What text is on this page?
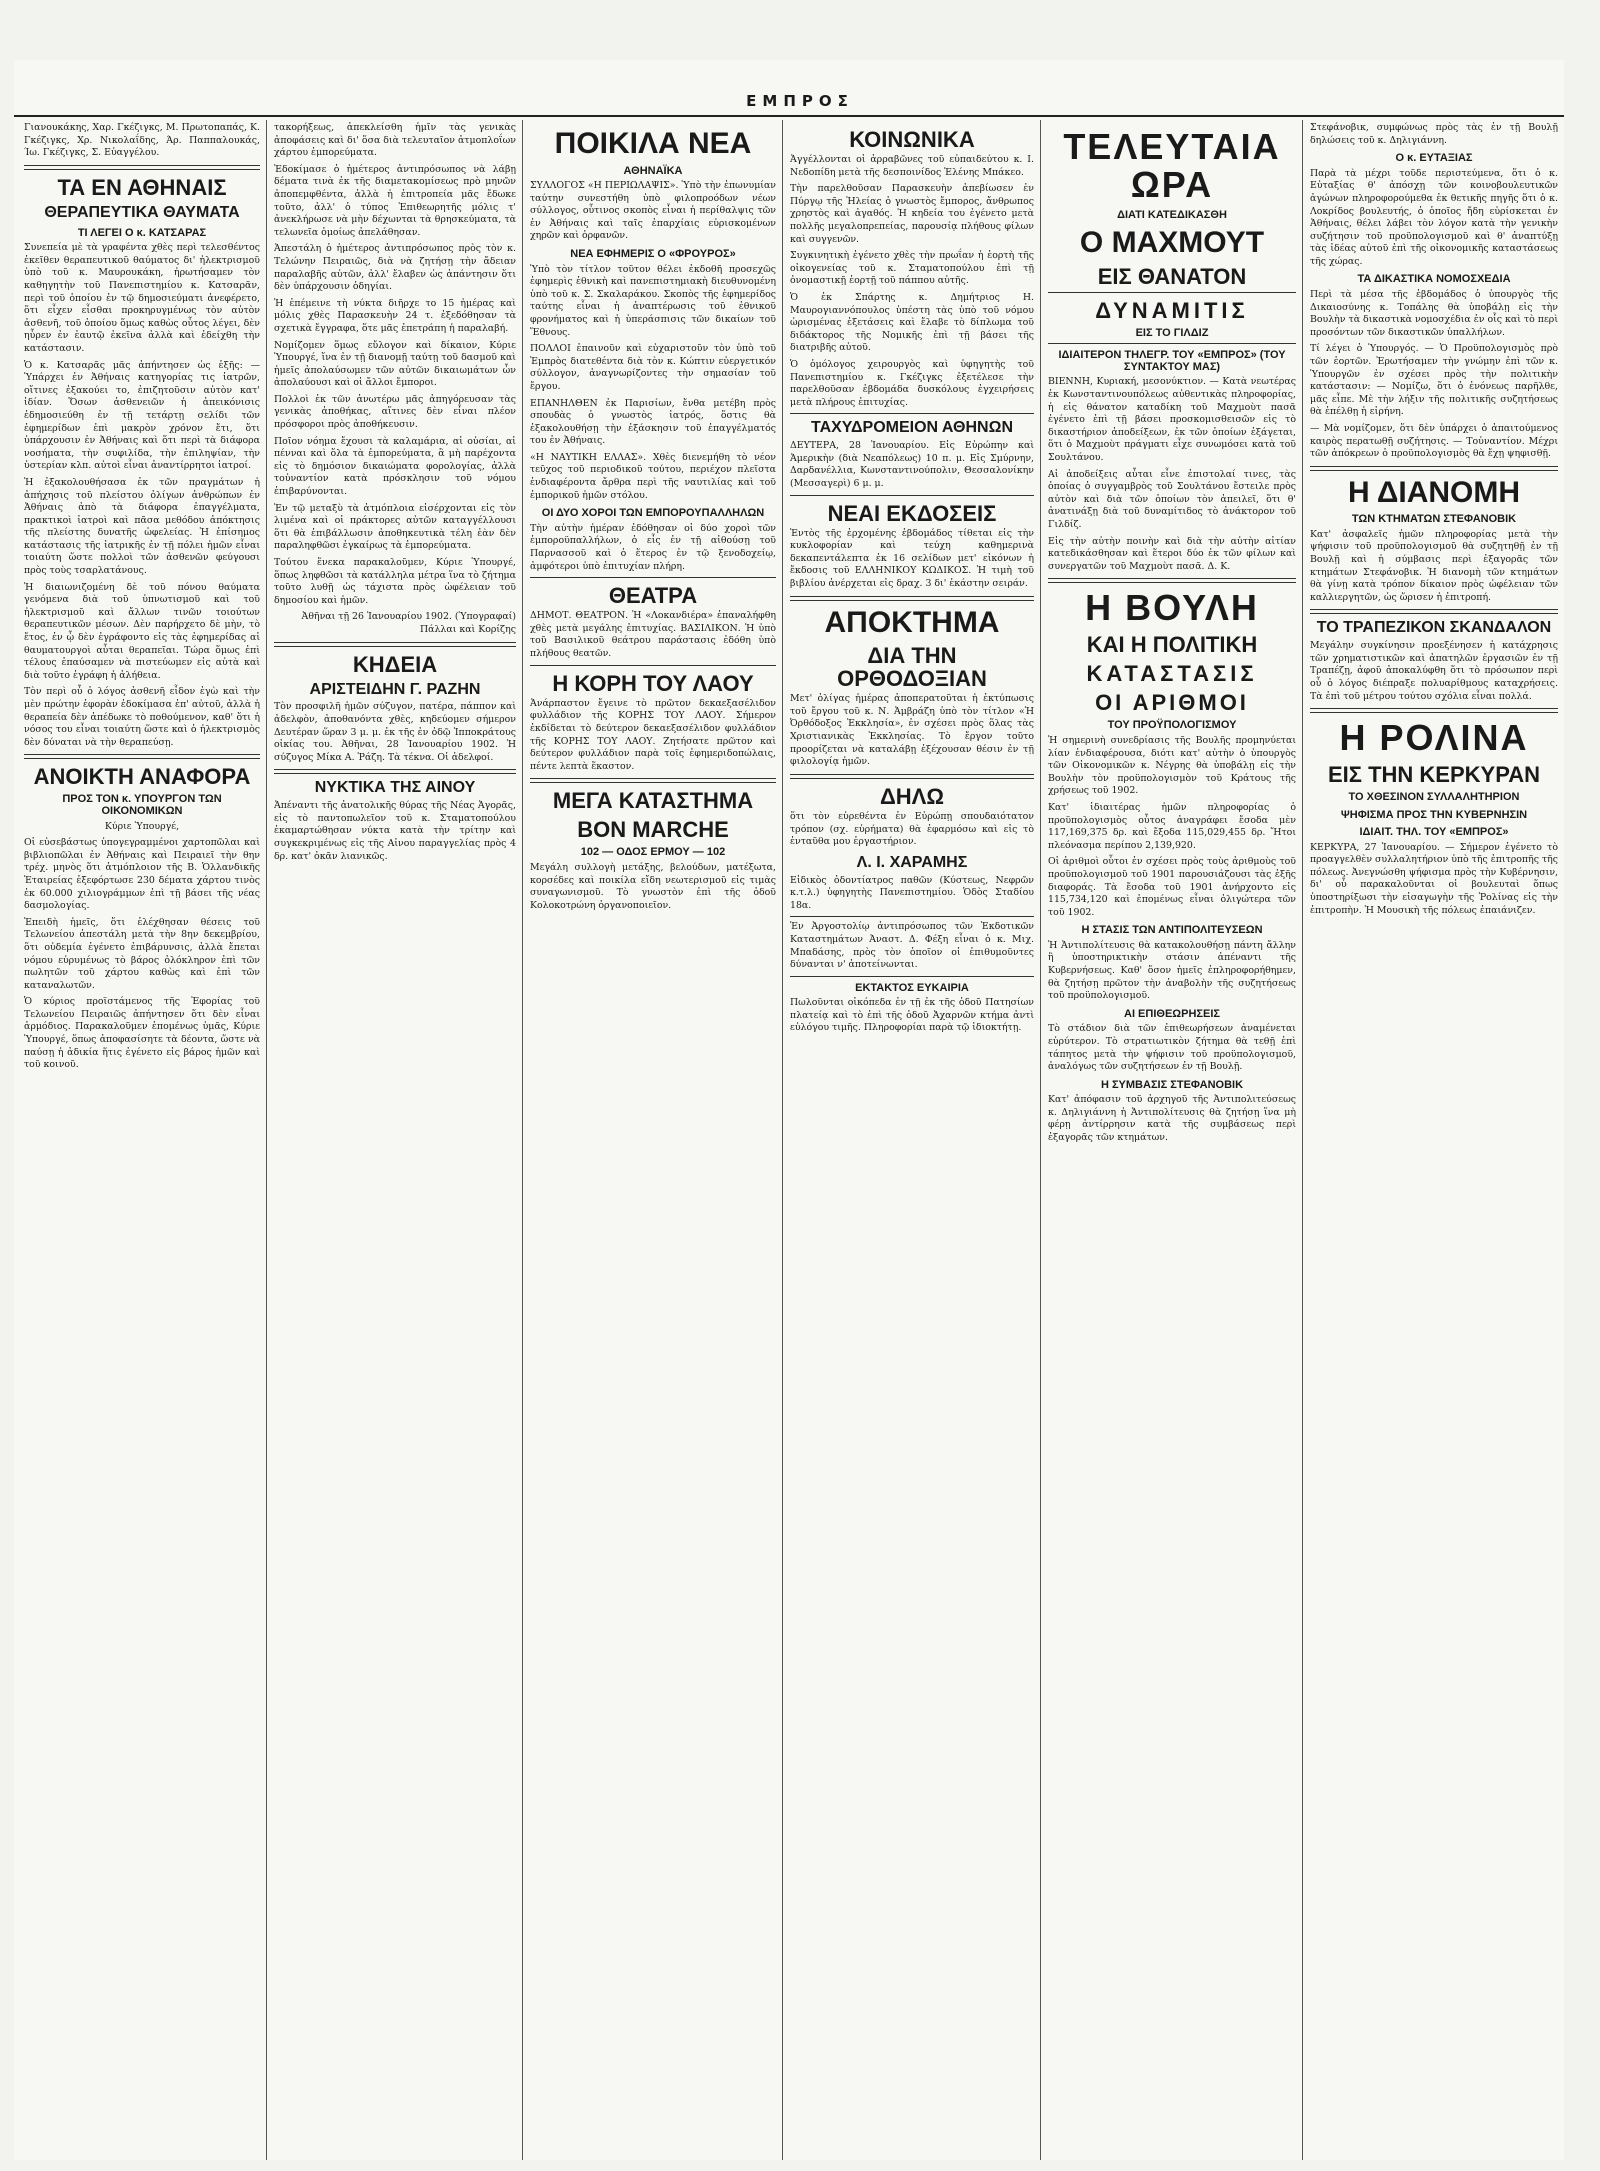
ΕΜΠΡΟΣ

Γιανουκάκης, Χαρ. Γκέζιγκς, Μ. Πρωτοπαπάς, Κ. Γκέζιγκς, Χρ. Νικολαΐδης, Άρ. Παππαλουκάς, Ίω. Γκέζιγκς, Σ. Εὐαγγέλου.

ΤΑ ΕΝ ΑΘΗΝΑΙΣ
ΘΕΡΑΠΕΥΤΙΚΑ ΘΑΥΜΑΤΑ
ΤΙ ΛΕΓΕΙ Ο κ. ΚΑΤΣΑΡΑΣ

Συνεπεία μὲ τὰ γραφέντα χθὲς περὶ τελεσθέντος ἐκεῖθεν θεραπευτικοῦ θαύματος δι' ἠλεκτρισμοῦ ὑπὸ τοῦ κ. Μαυρουκάκη, ἠρωτήσαμεν τὸν καθηγητὴν τοῦ Πανεπιστημίου κ. Κατσαρᾶν, περὶ τοῦ ὁποίου ἐν τῷ δημοσιεύματι ἀνεφέρετο, ὅτι εἶχεν εἶσθαι προκηρυγμένως τὸν αὐτὸν ἀσθενῆ, τοῦ ὁποίου ὅμως καθὼς οὗτος λέγει, δὲν ηὗρεν ἐν ἑαυτῷ ἐκεῖνα ἀλλὰ καὶ ἐδείχθη τὴν κατάστασιν.

Ὁ κ. Κατσαρᾶς μᾶς ἀπήντησεν ὡς ἑξῆς: — Ὑπάρχει ἐν Ἀθήναις κατηγορίας τις ἰατρῶν, οἵτινες ἐξακούει το, ἐπιζητοῦσιν αὐτὸν κατ' ἰδίαν. Ὅσων ἀσθενειῶν ἡ ἀπεικόνισις ἐδημοσιεύθη ἐν τῇ τετάρτῃ σελίδι τῶν ἐφημερίδων ἐπὶ μακρὸν χρόνον ἔτι, ὅτι ὑπάρχουσιν ἐν Ἀθήναις καὶ ὅτι περὶ τὰ διάφορα νοσήματα, τὴν συφιλίδα, τὴν ἐπιληψίαν, τὴν ὑστερίαν κλπ. αὐτοὶ εἶναι ἀναντίρρητοι ἰατροί.

Ἡ ἐξακολουθήσασα ἐκ τῶν πραγμάτων ἡ ἀπήχησις τοῦ πλείστου ὀλίγων ἀνθρώπων ἐν Ἀθήναις ἀπὸ τὰ διάφορα ἐπαγγέλματα, πρακτικοὶ ἰατροὶ καὶ πᾶσα μεθόδου ἀπόκτησις τῆς πλείστης δυνατῆς ὠφελείας. Ἡ ἐπίσημος κατάστασις τῆς ἰατρικῆς ἐν τῇ πόλει ἡμῶν εἶναι τοιαύτη ὥστε πολλοὶ τῶν ἀσθενῶν φεύγουσι πρὸς τοὺς τσαρλατάνους.

Ἡ διαιωνιζομένη δὲ τοῦ πόνου θαύματα γενόμενα διὰ τοῦ ὑπνωτισμοῦ καὶ τοῦ ἠλεκτρισμοῦ καὶ ἄλλων τινῶν τοιούτων θεραπευτικῶν μέσων. Δὲν παρήρχετο δὲ μὴν, τὸ ἔτος, ἐν ᾧ δὲν ἐγράφοντο εἰς τὰς ἐφημερίδας αἱ θαυματουργοὶ αὗται θεραπεῖαι. Τώρα ὅμως ἐπὶ τέλους ἐπαύσαμεν νὰ πιστεύωμεν εἰς αὐτὰ καὶ διὰ τοῦτο ἐγράφη ἡ ἀλήθεια.

Τὸν περὶ οὗ ὁ λόγος ἀσθενῆ εἶδον ἐγὼ καὶ τὴν μὲν πρώτην ἐφορὰν ἐδοκίμασα ἐπ' αὐτοῦ, ἀλλὰ ἡ θεραπεία δὲν ἀπέδωκε τὸ ποθούμενον, καθ' ὅτι ἡ νόσος του εἶναι τοιαύτη ὥστε καὶ ὁ ἠλεκτρισμὸς δὲν δύναται νὰ τὴν θεραπεύσῃ.

ΑΝΟΙΚΤΗ ΑΝΑΦΟΡΑ
ΠΡΟΣ ΤΟΝ κ. ΥΠΟΥΡΓΟΝ ΤΩΝ ΟΙΚΟΝΟΜΙΚΩΝ

Κύριε Ὑπουργέ,

Οἱ εὐσεβάστως ὑπογεγραμμένοι χαρτοπῶλαι καὶ βιβλιοπῶλαι ἐν Ἀθήναις καὶ Πειραιεῖ τὴν θην τρέχ. μηνὸς ὅτι ἀτμόπλοιον τῆς Β. Ὁλλανδικῆς Ἑταιρείας ἐξεφόρτωσε 230 δέματα χάρτου τινὸς ἐκ 60.000 χιλιογράμμων ἐπὶ τῇ βάσει τῆς νέας δασμολογίας.

Ἐπειδὴ ἡμεῖς, ὅτι ἐλέχθησαν θέσεις τοῦ Τελωνείου ἀπεστάλη μετὰ τὴν 8ην δεκεμβρίου, ὅτι οὐδεμία ἐγένετο ἐπιβάρυνσις, ἀλλὰ ἔπεται νόμου εὐρυμένως τὸ βάρος ὁλόκληρον ἐπὶ τῶν πωλητῶν τοῦ χάρτου καθὼς καὶ ἐπὶ τῶν καταναλωτῶν.

Ὁ κύριος προϊστάμενος τῆς Ἐφορίας τοῦ Τελωνείου Πειραιῶς ἀπήντησεν ὅτι δὲν εἶναι ἁρμόδιος. Παρακαλοῦμεν ἑπομένως ὑμᾶς, Κύριε Ὑπουργέ, ὅπως ἀποφασίσητε τὰ δέοντα, ὥστε νὰ παύσῃ ἡ ἀδικία ἥτις ἐγένετο εἰς βάρος ἡμῶν καὶ τοῦ κοινοῦ.

τακορήξεως, ἀπεκλείσθη ἡμῖν τὰς γενικὰς ἀποφάσεις καὶ δι' ὅσα διὰ τελευταῖον ἀτμοπλοΐων χάρτου ἐμπορεύματα.

Ἐδοκίμασε ὁ ἡμέτερος ἀντιπρόσωπος νὰ λάβῃ δέματα τινὰ ἐκ τῆς διαμετακομίσεως πρὸ μηνῶν ἀποπεμφθέντα, ἀλλὰ ἡ ἐπιτροπεία μᾶς ἔδωκε τοῦτο, ἀλλ' ὁ τύπος Ἐπιθεωρητῆς μόλις τ' ἀνεκλήρωσε νὰ μὴν δέχωνται τὰ θρησκεύματα, τὰ τελωνεῖα ὁμοίως ἀπελάθησαν.

Ἀπεστάλη ὁ ἡμέτερος ἀντιπρόσωπος πρὸς τὸν κ. Τελώνην Πειραιῶς, διὰ νὰ ζητήσῃ τὴν ἄδειαν παραλαβῆς αὐτῶν, ἀλλ' ἔλαβεν ὡς ἀπάντησιν ὅτι δὲν ὑπάρχουσιν ὁδηγίαι.

Ἡ ἐπέμεινε τὴ νύκτα διῆρχε το 15 ἡμέρας καὶ μόλις χθὲς Παρασκευὴν 24 τ. ἐξεδόθησαν τὰ σχετικὰ ἔγγραφα, ὅτε μᾶς ἐπετράπη ἡ παραλαβή.

Νομίζομεν ὅμως εὔλογον καὶ δίκαιον, Κύριε Ὑπουργέ, ἵνα ἐν τῇ διανομῇ ταύτῃ τοῦ δασμοῦ καὶ ἡμεῖς ἀπολαύσωμεν τῶν αὐτῶν δικαιωμάτων ὧν ἀπολαύουσι καὶ οἱ ἄλλοι ἔμποροι.

Πολλοὶ ἐκ τῶν ἀνωτέρω μᾶς ἀπηγόρευσαν τὰς γενικὰς ἀποθήκας, αἵτινες δὲν εἶναι πλέον πρόσφοροι πρὸς ἀποθήκευσιν.

Ποῖον νόημα ἔχουσι τὰ καλαμάρια, αἱ οὐσίαι, αἱ πένναι καὶ ὅλα τὰ ἐμπορεύματα, ἃ μὴ παρέχοντα εἰς τὸ δημόσιον δικαιώματα φορολογίας, ἀλλὰ τοὐναντίον κατὰ πρόσκλησιν τοῦ νόμου ἐπιβαρύνονται.

Ἐν τῷ μεταξὺ τὰ ἀτμόπλοια εἰσέρχονται εἰς τὸν λιμένα καὶ οἱ πράκτορες αὐτῶν καταγγέλλουσι ὅτι θὰ ἐπιβάλλωσιν ἀποθηκευτικὰ τέλη ἐὰν δὲν παραληφθῶσι ἐγκαίρως τὰ ἐμπορεύματα.

Τούτου ἕνεκα παρακαλοῦμεν, Κύριε Ὑπουργέ, ὅπως ληφθῶσι τὰ κατάλληλα μέτρα ἵνα τὸ ζήτημα τοῦτο λυθῇ ὡς τάχιστα πρὸς ὠφέλειαν τοῦ δημοσίου καὶ ἡμῶν.

Ἀθῆναι τῇ 26 Ἰανουαρίου 1902. (Ὑπογραφαί) Πάλλαι καὶ Κορίζης

ΚΗΔΕΙΑ
ΑΡΙΣΤΕΙΔΗΝ Γ. ΡΑΖΗΝ

Τὸν προσφιλῆ ἡμῶν σύζυγον, πατέρα, πάππον καὶ ἀδελφὸν, ἀποθανόντα χθὲς, κηδεύομεν σήμερον Δευτέραν ὥραν 3 μ. μ. ἐκ τῆς ἐν ὁδῷ Ἱπποκράτους οἰκίας του. Ἀθῆναι, 28 Ἰανουαρίου 1902. Ἡ σύζυγος Μίκα Α. Ῥάζη. Τὰ τέκνα. Οἱ ἀδελφοί.

ΝΥΚΤΙΚΑ ΤΗΣ ΑΙΝΟΥ

Ἀπέναντι τῆς ἀνατολικῆς θύρας τῆς Νέας Ἀγορᾶς, εἰς τὸ παντοπωλεῖον τοῦ κ. Σταματοπούλου ἐκαμαρτώθησαν νύκτα κατὰ τὴν τρίτην καὶ συγκεκριμένως εἰς τῆς Αἰνου παραγγελίας πρὸς 4 δρ. κατ' ὀκᾶν λιανικῶς.

ΠΟΙΚΙΛΑ ΝΕΑ
ΑΘΗΝΑΪΚΑ

ΣΥΛΛΟΓΟΣ «Η ΠΕΡΙΩΛΑΨΙΣ». Ὑπὸ τὴν ἐπωνυμίαν ταύτην συνεστήθη ὑπὸ φιλοπροόδων νέων σύλλογος, οὗτινος σκοπὸς εἶναι ἡ περίθαλψις τῶν ἐν Ἀθήναις καὶ ταῖς ἐπαρχίαις εὑρισκομένων χηρῶν καὶ ὀρφανῶν.

ΝΕΑ ΕΦΗΜΕΡΙΣ Ο «ΦΡΟΥΡΟΣ»

Ὑπὸ τὸν τίτλον τοῦτον θέλει ἐκδοθῆ προσεχῶς ἐφημερὶς ἐθνικὴ καὶ πανεπιστημιακὴ διευθυνομένη ὑπὸ τοῦ κ. Σ. Σκαλαράκου. Σκοπὸς τῆς ἐφημερίδος ταύτης εἶναι ἡ ἀναπτέρωσις τοῦ ἐθνικοῦ φρονήματος καὶ ἡ ὑπεράσπισις τῶν δικαίων τοῦ Ἔθνους.

ΠΟΛΛΟΙ ἐπαινοῦν καὶ εὐχαριστοῦν τὸν ὑπὸ τοῦ Ἐμπρὸς διατεθέντα διὰ τὸν κ. Κώπτιν εὐεργετικόν σύλλογον, ἀναγνωρίζοντες τὴν σημασίαν τοῦ ἔργου.

ΕΠΑΝΗΛΘΕΝ ἐκ Παρισίων, ἔνθα μετέβη πρὸς σπουδὰς ὁ γνωστὸς ἰατρός, ὅστις θὰ ἐξακολουθήσῃ τὴν ἐξάσκησιν τοῦ ἐπαγγέλματός του ἐν Ἀθήναις.

«Η ΝΑΥΤΙΚΗ ΕΛΛΑΣ». Χθὲς διενεμήθη τὸ νέον τεῦχος τοῦ περιοδικοῦ τούτου, περιέχον πλεῖστα ἐνδιαφέροντα ἄρθρα περὶ τῆς ναυτιλίας καὶ τοῦ ἐμπορικοῦ ἡμῶν στόλου.

ΟΙ ΔΥΟ ΧΟΡΟΙ ΤΩΝ ΕΜΠΟΡΟΥΠΑΛΛΗΛΩΝ

Τὴν αὐτὴν ἡμέραν ἐδόθησαν οἱ δύο χοροὶ τῶν ἐμποροϋπαλλήλων, ὁ εἷς ἐν τῇ αἰθούσῃ τοῦ Παρνασσοῦ καὶ ὁ ἕτερος ἐν τῷ ξενοδοχείῳ, ἀμφότεροι ὑπὸ ἐπιτυχίαν πλήρη.

ΘΕΑΤΡΑ

ΔΗΜΟΤ. ΘΕΑΤΡΟΝ. Ἡ «Λοκανδιέρα» ἐπαναλήφθη χθὲς μετὰ μεγάλης ἐπιτυχίας. ΒΑΣΙΛΙΚΟΝ. Ἡ ὑπὸ τοῦ Βασιλικοῦ θεάτρου παράστασις ἐδόθη ὑπὸ πλήθους θεατῶν.

Η ΚΟΡΗ ΤΟΥ ΛΑΟΥ

Ἀνάρπαστον ἔγεινε τὸ πρῶτον δεκαεξασέλιδον φυλλάδιον τῆς ΚΟΡΗΣ ΤΟΥ ΛΑΟΥ. Σήμερον ἐκδίδεται τὸ δεύτερον δεκαεξασέλιδον φυλλάδιον τῆς ΚΟΡΗΣ ΤΟΥ ΛΑΟΥ. Ζητήσατε πρῶτον καὶ δεύτερον φυλλάδιον παρὰ τοῖς ἐφημεριδοπώλαις, πέντε λεπτὰ ἕκαστον.

ΜΕΓΑ ΚΑΤΑΣΤΗΜΑ
BON MARCHE
102 — ΟΔΟΣ ΕΡΜΟΥ — 102

Μεγάλη συλλογὴ μετάξης, βελούδων, ματέξωτα, κορσέδες καὶ ποικίλα εἴδη νεωτερισμοῦ εἰς τιμὰς συναγωνισμοῦ. Τὸ γνωστὸν ἐπὶ τῆς ὁδοῦ Κολοκοτρώνη ὀργανοποιεῖον.

ΚΟΙΝΩΝΙΚΑ

Ἀγγέλλονται οἱ ἀρραβῶνες τοῦ εὐπαιδεύτου κ. Ι. Νεδοπίδη μετὰ τῆς δεσποινίδος Ἑλένης Μπάκεο.

Τὴν παρελθοῦσαν Παρασκευὴν ἀπεβίωσεν ἐν Πύργῳ τῆς Ἠλείας ὁ γνωστὸς ἔμπορος, ἄνθρωπος χρηστὸς καὶ ἀγαθός. Ἡ κηδεία του ἐγένετο μετὰ πολλῆς μεγαλοπρεπείας, παρουσίᾳ πλήθους φίλων καὶ συγγενῶν.

Συγκινητικὴ ἐγένετο χθὲς τὴν πρωΐαν ἡ ἑορτὴ τῆς οἰκογενείας τοῦ κ. Σταματοπούλου ἐπὶ τῇ ὀνομαστικῇ ἑορτῇ τοῦ πάππου αὐτῆς.

Ὁ ἐκ Σπάρτης κ. Δημήτριος Η. Μαυρογιαννόπουλος ὑπέστη τὰς ὑπὸ τοῦ νόμου ὡρισμένας ἐξετάσεις καὶ ἔλαβε τὸ δίπλωμα τοῦ διδάκτορος τῆς Νομικῆς ἐπὶ τῇ βάσει τῆς διατριβῆς αὐτοῦ.

Ὁ ὁμόλογος χειρουργὸς καὶ ὑφηγητὴς τοῦ Πανεπιστημίου κ. Γκέζιγκς ἐξετέλεσε τὴν παρελθοῦσαν ἑβδομάδα δυσκόλους ἐγχειρήσεις μετὰ πλήρους ἐπιτυχίας.

ΤΑΧΥΔΡΟΜΕΙΟΝ ΑΘΗΝΩΝ

ΔΕΥΤΕΡΑ, 28 Ἰανουαρίου. Εἰς Εὐρώπην καὶ Ἀμερικὴν (διὰ Νεαπόλεως) 10 π. μ. Εἰς Σμύρνην, Δαρδανέλλια, Κωνσταντινούπολιν, Θεσσαλονίκην (Μεσσαγερὶ) 6 μ. μ.

ΝΕΑΙ ΕΚΔΟΣΕΙΣ

Ἐντὸς τῆς ἐρχομένης ἑβδομάδος τίθεται εἰς τὴν κυκλοφορίαν καὶ τεύχη καθημερινὰ δεκαπεντάλεπτα ἐκ 16 σελίδων μετ' εἰκόνων ἡ ἔκδοσις τοῦ ΕΛΛΗΝΙΚΟΥ ΚΩΔΙΚΟΣ. Ἡ τιμὴ τοῦ βιβλίου ἀνέρχεται εἰς δραχ. 3 δι' ἑκάστην σειράν.

ΑΠΟΚΤΗΜΑ
ΔΙΑ ΤΗΝ ΟΡΘΟΔΟΞΙΑΝ

Μετ' ὀλίγας ἡμέρας ἀποπερατοῦται ἡ ἐκτύπωσις τοῦ ἔργου τοῦ κ. Ν. Ἀμβράζη ὑπὸ τὸν τίτλον «Ἡ Ὀρθόδοξος Ἐκκλησία», ἐν σχέσει πρὸς ὅλας τὰς Χριστιανικὰς Ἐκκλησίας. Τὸ ἔργον τοῦτο προορίζεται νὰ καταλάβῃ ἐξέχουσαν θέσιν ἐν τῇ φιλολογίᾳ ἡμῶν.

ΔΗΛΩ

ὅτι τὸν εὑρεθέντα ἐν Εὐρώπῃ σπουδαιότατον τρόπον (σχ. εὑρήματα) θὰ ἐφαρμόσω καὶ εἰς τὸ ἐνταῦθα μου ἐργαστήριον.

Λ. Ι. ΧΑΡΑΜΗΣ

Εἰδικὸς ὀδοντίατρος παθῶν (Κύστεως, Νεφρῶν κ.τ.λ.) ὑφηγητὴς Πανεπιστημίου. Ὁδὸς Σταδίου 18α.

Ἐν Ἀργοστολίῳ ἀντιπρόσωπος τῶν Ἐκδοτικῶν Καταστημάτων Ἀναστ. Δ. Φέξη εἶναι ὁ κ. Μιχ. Μπαδάσης, πρὸς τὸν ὁποῖον οἱ ἐπιθυμοῦντες δύνανται ν' ἀποτείνωνται.

ΕΚΤΑΚΤΟΣ ΕΥΚΑΙΡΙΑ

Πωλοῦνται οἰκόπεδα ἐν τῇ ἐκ τῆς ὁδοῦ Πατησίων πλατείᾳ καὶ τὸ ἐπὶ τῆς ὁδοῦ Ἀχαρνῶν κτήμα ἀντὶ εὐλόγου τιμῆς. Πληροφορίαι παρὰ τῷ ἰδιοκτήτῃ.

ΤΕΛΕΥΤΑΙΑ ΩΡΑ
ΔΙΑΤΙ ΚΑΤΕΔΙΚΑΣΘΗ
Ο ΜΑΧΜΟΥΤ
ΕΙΣ ΘΑΝΑΤΟΝ
ΔΥΝΑΜΙΤΙΣ
ΕΙΣ ΤΟ ΓΙΛΔΙΖ
ΙΔΙΑΙΤΕΡΟΝ ΤΗΛΕΓΡ. ΤΟΥ «ΕΜΠΡΟΣ» (ΤΟΥ ΣΥΝΤΑΚΤΟΥ ΜΑΣ)

ΒΙΕΝΝΗ, Κυριακή, μεσονύκτιον. — Κατὰ νεωτέρας ἐκ Κωνσταντινουπόλεως αὐθεντικὰς πληροφορίας, ἡ εἰς θάνατον καταδίκη τοῦ Μαχμοὺτ πασᾶ ἐγένετο ἐπὶ τῇ βάσει προσκομισθεισῶν εἰς τὸ δικαστήριον ἀποδείξεων, ἐκ τῶν ὁποίων ἐξάγεται, ὅτι ὁ Μαχμοὺτ πράγματι εἶχε συνωμόσει κατὰ τοῦ Σουλτάνου.

Αἱ ἀποδείξεις αὗται εἶνε ἐπιστολαί τινες, τὰς ὁποίας ὁ συγγαμβρὸς τοῦ Σουλτάνου ἔστειλε πρὸς αὐτὸν καὶ διὰ τῶν ὁποίων τὸν ἀπειλεῖ, ὅτι θ' ἀνατινάξῃ διὰ τοῦ δυναμίτιδος τὸ ἀνάκτορον τοῦ Γιλδίζ.

Εἰς τὴν αὐτὴν ποινὴν καὶ διὰ τὴν αὐτὴν αἰτίαν κατεδικάσθησαν καὶ ἕτεροι δύο ἐκ τῶν φίλων καὶ συνεργατῶν τοῦ Μαχμοὺτ πασᾶ. Δ. Κ.

Η ΒΟΥΛΗ
ΚΑΙ Η ΠΟΛΙΤΙΚΗ
ΚΑΤΑΣΤΑΣΙΣ
ΟΙ ΑΡΙΘΜΟΙ
ΤΟΥ ΠΡΟΫΠΟΛΟΓΙΣΜΟΥ

Ἡ σημερινὴ συνεδρίασις τῆς Βουλῆς προμηνύεται λίαν ἐνδιαφέρουσα, διότι κατ' αὐτὴν ὁ ὑπουργὸς τῶν Οἰκονομικῶν κ. Νέγρης θὰ ὑποβάλῃ εἰς τὴν Βουλὴν τὸν προϋπολογισμὸν τοῦ Κράτους τῆς χρήσεως τοῦ 1902.

Κατ' ἰδιαιτέρας ἡμῶν πληροφορίας ὁ προϋπολογισμὸς οὗτος ἀναγράφει ἔσοδα μὲν 117,169,375 δρ. καὶ ἔξοδα 115,029,455 δρ. Ἤτοι πλεόνασμα περίπου 2,139,920.

Οἱ ἀριθμοὶ οὗτοι ἐν σχέσει πρὸς τοὺς ἀριθμοὺς τοῦ προϋπολογισμοῦ τοῦ 1901 παρουσιάζουσι τὰς ἑξῆς διαφοράς. Τὰ ἔσοδα τοῦ 1901 ἀνήρχοντο εἰς 115,734,120 καὶ ἑπομένως εἶναι ὀλιγώτερα τῶν τοῦ 1902.

Η ΣΤΑΣΙΣ ΤΩΝ ΑΝΤΙΠΟΛΙΤΕΥΣΕΩΝ

Ἡ Ἀντιπολίτευσις θὰ κατακολουθήσῃ πάντη ἄλλην ἢ ὑποστηρικτικὴν στάσιν ἀπέναντι τῆς Κυβερνήσεως. Καθ' ὅσον ἡμεῖς ἐπληροφορήθημεν, θὰ ζητήσῃ πρῶτον τὴν ἀναβολὴν τῆς συζητήσεως τοῦ προϋπολογισμοῦ.

ΑΙ ΕΠΙΘΕΩΡΗΣΕΙΣ

Τὸ στάδιον διὰ τῶν ἐπιθεωρήσεων ἀναμένεται εὐρύτερον. Τὸ στρατιωτικὸν ζήτημα θὰ τεθῇ ἐπὶ τάπητος μετὰ τὴν ψήφισιν τοῦ προϋπολογισμοῦ, ἀναλόγως τῶν συζητήσεων ἐν τῇ Βουλῇ.

Η ΣΥΜΒΑΣΙΣ ΣΤΕΦΑΝΟΒΙΚ

Κατ' ἀπόφασιν τοῦ ἀρχηγοῦ τῆς Ἀντιπολιτεύσεως κ. Δηλιγιάννη ἡ Ἀντιπολίτευσις θὰ ζητήσῃ ἵνα μὴ φέρῃ ἀντίρρησιν κατὰ τῆς συμβάσεως περὶ ἐξαγορᾶς τῶν κτημάτων.

Στεφάνοβικ, συμφώνως πρὸς τὰς ἐν τῇ Βουλῇ δηλώσεις τοῦ κ. Δηλιγιάννη.

Ο κ. ΕΥΤΑΞΙΑΣ

Παρὰ τὰ μέχρι τοῦδε περιστεύμενα, ὅτι ὁ κ. Εὐταξίας θ' ἀπόσχῃ τῶν κοινοβουλευτικῶν ἀγώνων πληροφορούμεθα ἐκ θετικῆς πηγῆς ὅτι ὁ κ. Λοκρίδος βουλευτής, ὁ ὁποῖος ἤδη εὑρίσκεται ἐν Ἀθήναις, θέλει λάβει τὸν λόγον κατὰ τὴν γενικὴν συζήτησιν τοῦ προϋπολογισμοῦ καὶ θ' ἀναπτύξῃ τὰς ἰδέας αὐτοῦ ἐπὶ τῆς οἰκονομικῆς καταστάσεως τῆς χώρας.

ΤΑ ΔΙΚΑΣΤΙΚΑ ΝΟΜΟΣΧΕΔΙΑ

Περὶ τὰ μέσα τῆς ἑβδομάδος ὁ ὑπουργὸς τῆς Δικαιοσύνης κ. Τοπάλης θὰ ὑποβάλῃ εἰς τὴν Βουλὴν τὰ δικαστικὰ νομοσχέδια ἐν οἷς καὶ τὸ περὶ προσόντων τῶν δικαστικῶν ὑπαλλήλων.

Τί λέγει ὁ Ὑπουργός. — Ὁ Προϋπολογισμὸς πρὸ τῶν ἑορτῶν. Ἐρωτήσαμεν τὴν γνώμην ἐπὶ τῶν κ. Ὑπουργῶν ἐν σχέσει πρὸς τὴν πολιτικὴν κατάστασιν: — Νομίζω, ὅτι ὁ ἐνόνεως παρῆλθε, μᾶς εἶπε. Μὲ τὴν λήξιν τῆς πολιτικῆς συζητήσεως θὰ ἐπέλθῃ ἡ εἰρήνη.

— Μὰ νομίζομεν, ὅτι δὲν ὑπάρχει ὁ ἀπαιτούμενος καιρὸς περατωθῇ συζήτησις. — Τοὐναντίον. Μέχρι τῶν ἀπόκρεων ὁ προϋπολογισμὸς θὰ ἔχῃ ψηφισθῇ.

Η ΔΙΑΝΟΜΗ
ΤΩΝ ΚΤΗΜΑΤΩΝ ΣΤΕΦΑΝΟΒΙΚ

Κατ' ἀσφαλεῖς ἡμῶν πληροφορίας μετὰ τὴν ψήφισιν τοῦ προϋπολογισμοῦ θὰ συζητηθῇ ἐν τῇ Βουλῇ καὶ ἡ σύμβασις περὶ ἐξαγορᾶς τῶν κτημάτων Στεφάνοβικ. Ἡ διανομὴ τῶν κτημάτων θὰ γίνῃ κατὰ τρόπον δίκαιον πρὸς ὠφέλειαν τῶν καλλιεργητῶν, ὡς ὥρισεν ἡ ἐπιτροπή.

ΤΟ ΤΡΑΠΕΖΙΚΟΝ ΣΚΑΝΔΑΛΟΝ

Μεγάλην συγκίνησιν προεξένησεν ἡ κατάχρησις τῶν χρηματιστικῶν καὶ ἀπατηλῶν ἐργασιῶν ἐν τῇ Τραπέζῃ, ἀφοῦ ἀποκαλύφθη ὅτι τὸ πρόσωπον περὶ οὗ ὁ λόγος διέπραξε πολυαρίθμους καταχρήσεις. Τὰ ἐπὶ τοῦ μέτρου τούτου σχόλια εἶναι πολλά.

Η ΡΟΛΙΝΑ
ΕΙΣ ΤΗΝ ΚΕΡΚΥΡΑΝ
ΤΟ ΧΘΕΣΙΝΟΝ ΣΥΛΛΑΛΗΤΗΡΙΟΝ
ΨΗΦΙΣΜΑ ΠΡΟΣ ΤΗΝ ΚΥΒΕΡΝΗΣΙΝ
ΙΔΙΑΙΤ. ΤΗΛ. ΤΟΥ «ΕΜΠΡΟΣ»

ΚΕΡΚΥΡΑ, 27 Ἰανουαρίου. — Σήμερον ἐγένετο τὸ προαγγελθὲν συλλαλητήριον ὑπὸ τῆς ἐπιτροπῆς τῆς πόλεως. Ἀνεγνώσθη ψήφισμα πρὸς τὴν Κυβέρνησιν, δι' οὗ παρακαλοῦνται οἱ βουλευταὶ ὅπως ὑποστηρίξωσι τὴν εἰσαγωγὴν τῆς Ῥολίνας εἰς τὴν ἐπιτροπὴν. Ἡ Μουσικὴ τῆς πόλεως ἐπαιάνιζεν.
